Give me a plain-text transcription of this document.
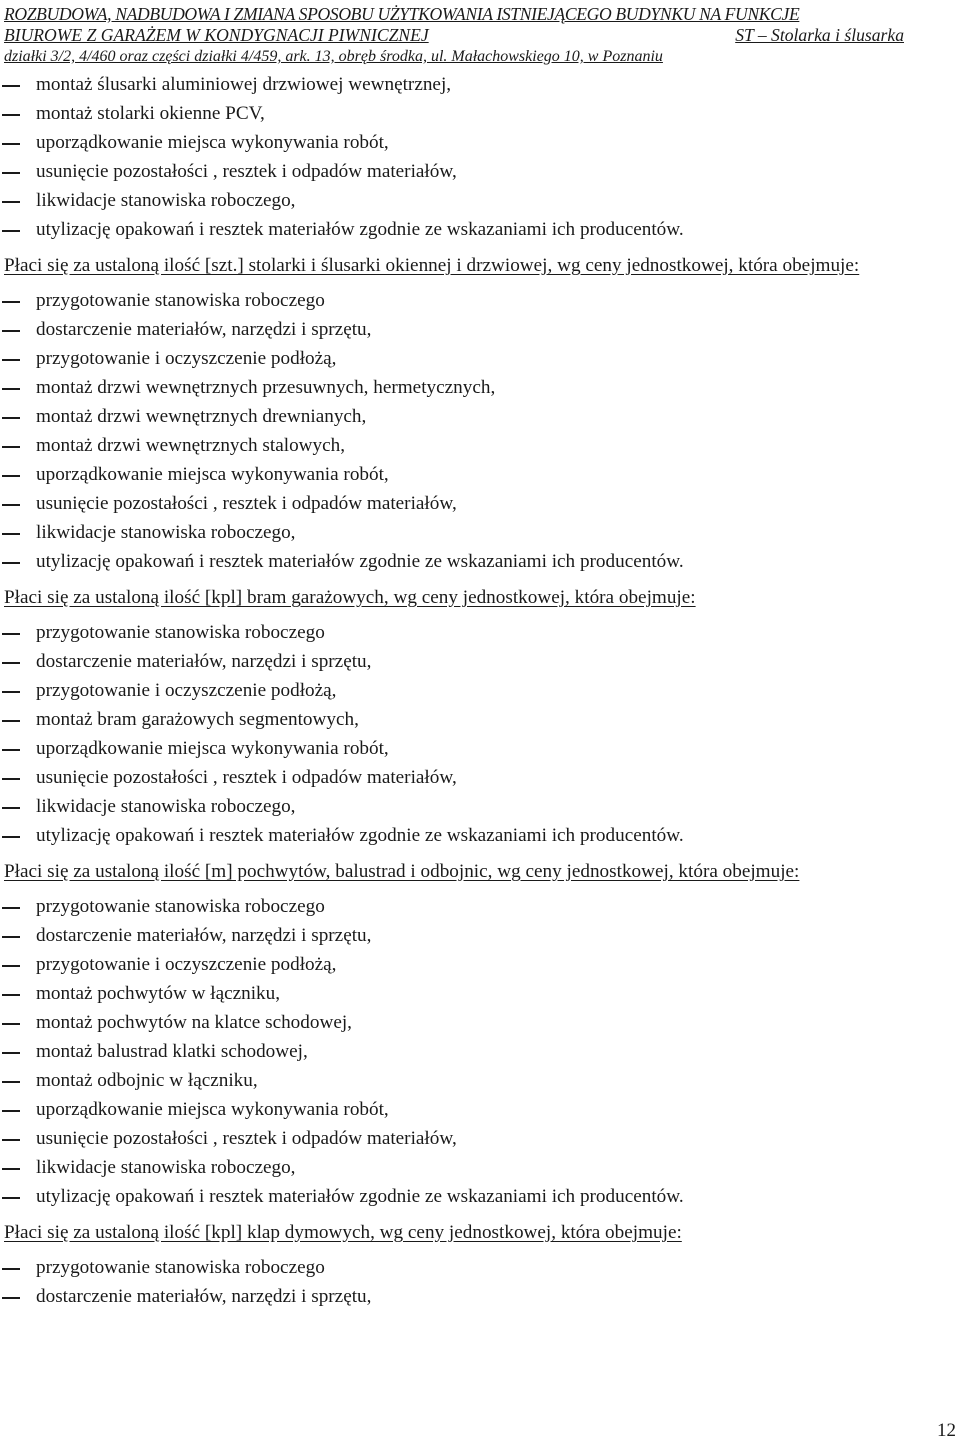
ROZBUDOWA, NADBUDOWA I ZMIANA SPOSOBU UŻYTKOWANIA ISTNIEJĄCEGO BUDYNKU NA FUNKCJE
BIUROWE Z GARAŻEM W KONDYGNACJI PIWNICZNEJ	ST – Stolarka i ślusarka
działki 3/2, 4/460 oraz części działki 4/459, ark. 13, obręb środka, ul. Małachowskiego 10, w Poznaniu
montaż ślusarki aluminiowej drzwiowej wewnętrznej,
montaż stolarki okienne PCV,
uporządkowanie miejsca wykonywania robót,
usunięcie pozostałości , resztek i odpadów materiałów,
likwidacje stanowiska roboczego,
utylizację opakowań i resztek materiałów zgodnie ze wskazaniami ich producentów.
Płaci się za ustaloną ilość [szt.] stolarki i ślusarki okiennej i drzwiowej, wg ceny jednostkowej, która obejmuje:
przygotowanie stanowiska roboczego
dostarczenie materiałów, narzędzi i sprzętu,
przygotowanie i oczyszczenie podłożą,
montaż drzwi wewnętrznych przesuwnych, hermetycznych,
montaż drzwi wewnętrznych drewnianych,
montaż drzwi wewnętrznych stalowych,
uporządkowanie miejsca wykonywania robót,
usunięcie pozostałości , resztek i odpadów materiałów,
likwidacje stanowiska roboczego,
utylizację opakowań i resztek materiałów zgodnie ze wskazaniami ich producentów.
Płaci się za ustaloną ilość [kpl] bram garażowych, wg ceny jednostkowej, która obejmuje:
przygotowanie stanowiska roboczego
dostarczenie materiałów, narzędzi i sprzętu,
przygotowanie i oczyszczenie podłożą,
montaż bram garażowych segmentowych,
uporządkowanie miejsca wykonywania robót,
usunięcie pozostałości , resztek i odpadów materiałów,
likwidacje stanowiska roboczego,
utylizację opakowań i resztek materiałów zgodnie ze wskazaniami ich producentów.
Płaci się za ustaloną ilość [m] pochwytów, balustrad i odbojnic, wg ceny jednostkowej, która obejmuje:
przygotowanie stanowiska roboczego
dostarczenie materiałów, narzędzi i sprzętu,
przygotowanie i oczyszczenie podłożą,
montaż pochwytów w łączniku,
montaż pochwytów na klatce schodowej,
montaż balustrad klatki schodowej,
montaż odbojnic w łączniku,
uporządkowanie miejsca wykonywania robót,
usunięcie pozostałości , resztek i odpadów materiałów,
likwidacje stanowiska roboczego,
utylizację opakowań i resztek materiałów zgodnie ze wskazaniami ich producentów.
Płaci się za ustaloną ilość [kpl] klap dymowych, wg ceny jednostkowej, która obejmuje:
przygotowanie stanowiska roboczego
dostarczenie materiałów, narzędzi i sprzętu,
12
